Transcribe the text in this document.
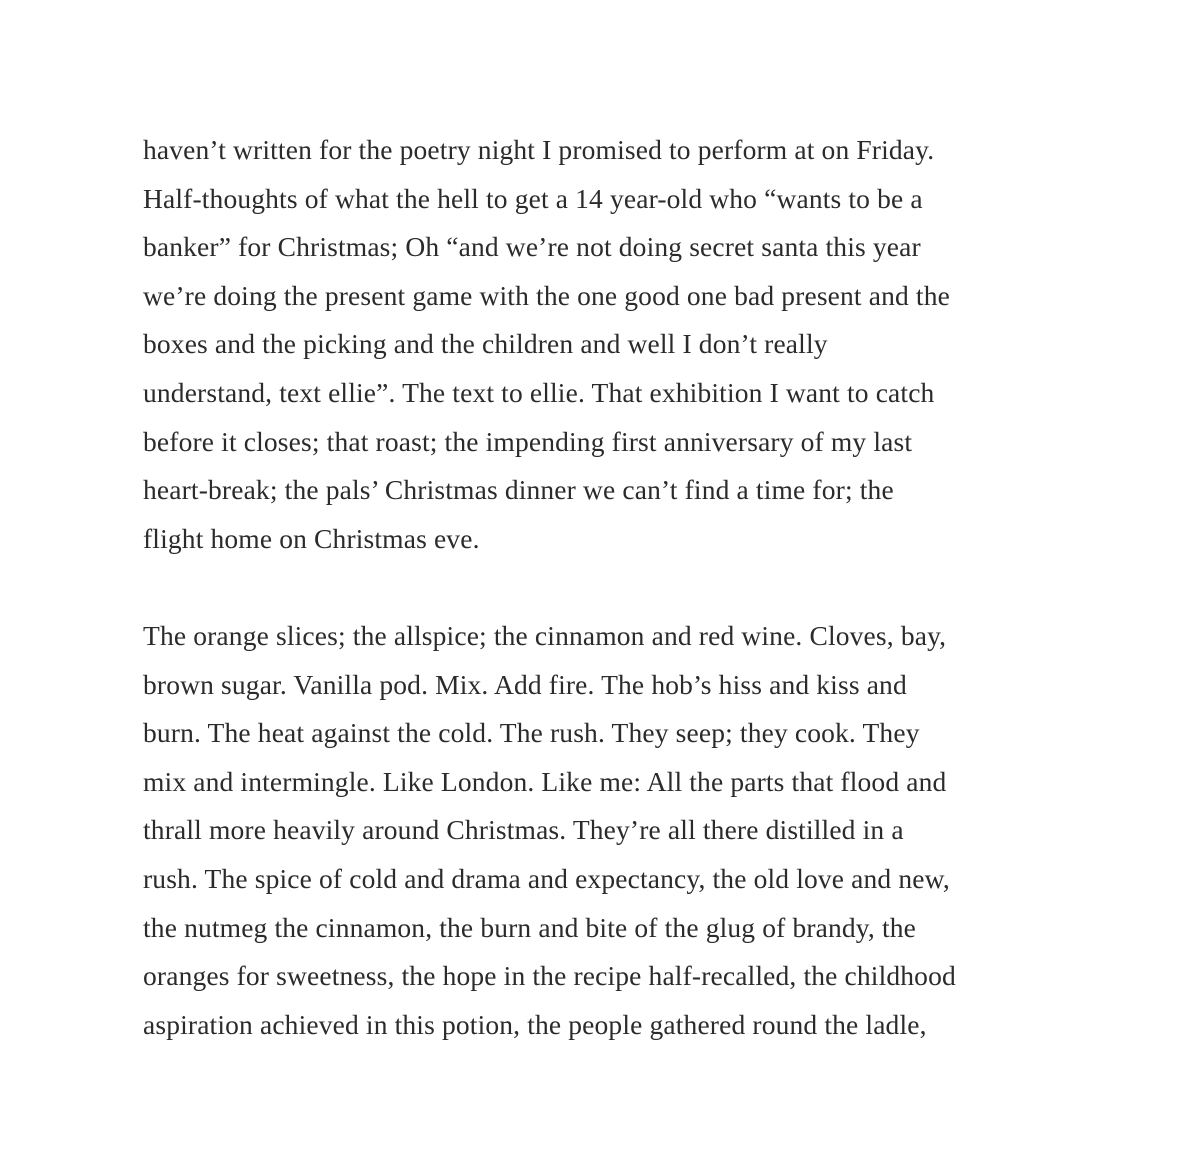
haven’t written for the poetry night I promised to perform at on Friday.
Half-thoughts of what the hell to get a 14 year-old who “wants to be a
banker” for Christmas; Oh “and we’re not doing secret santa this year
we’re doing the present game with the one good one bad present and the
boxes and the picking and the children and well I don’t really
understand, text ellie”. The text to ellie. That exhibition I want to catch
before it closes; that roast; the impending first anniversary of my last
heart-break; the pals’ Christmas dinner we can’t find a time for; the
flight home on Christmas eve.

The orange slices; the allspice; the cinnamon and red wine. Cloves, bay,
brown sugar. Vanilla pod. Mix. Add fire. The hob’s hiss and kiss and
burn. The heat against the cold. The rush. They seep; they cook. They
mix and intermingle. Like London. Like me: All the parts that flood and
thrall more heavily around Christmas. They’re all there distilled in a
rush. The spice of cold and drama and expectancy, the old love and new,
the nutmeg the cinnamon, the burn and bite of the glug of brandy, the
oranges for sweetness, the hope in the recipe half-recalled, the childhood
aspiration achieved in this potion, the people gathered round the ladle,
